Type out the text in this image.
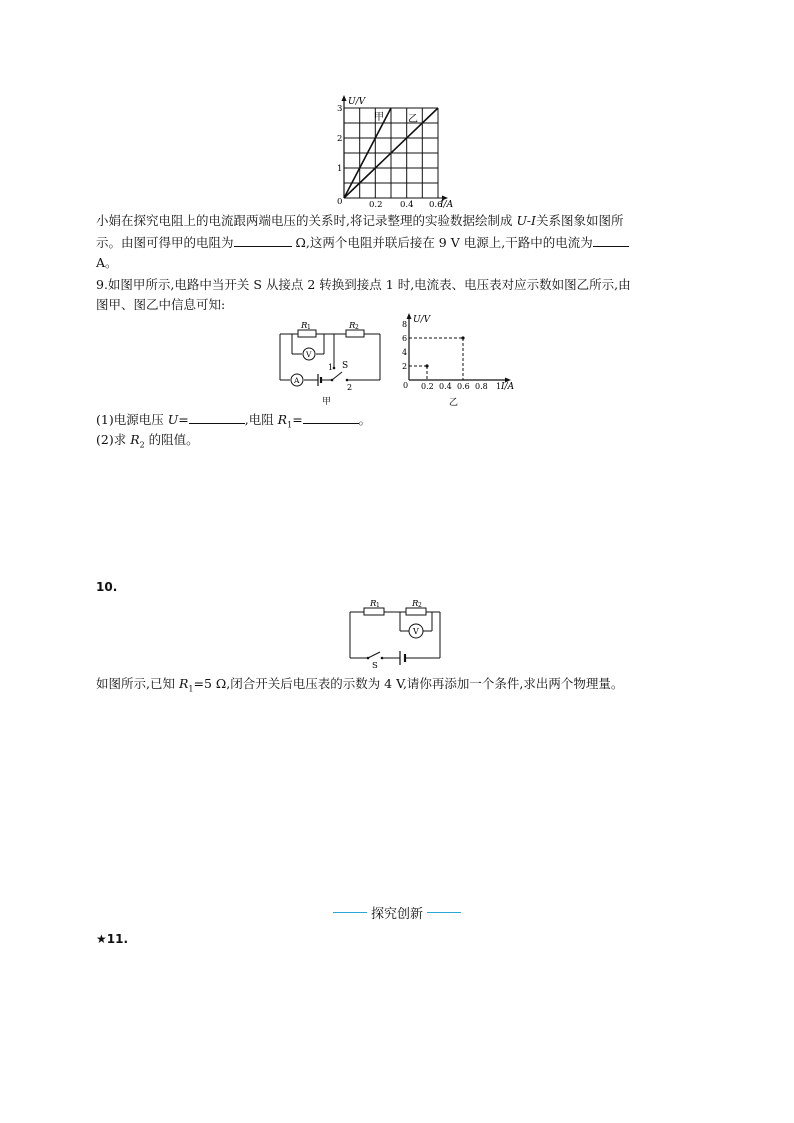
U/V
0
1
2
3
0.2 0.4 0.6
I/A
甲 乙
小娟在探究电阻上的电流跟两端电压的关系时,将记录整理的实验数据绘制成 U-I关系图象如图所
示。由图可得甲的电阻为	Ω,这两个电阻并联后接在 9 V 电源上,干路中的电流为
A。
9.如图甲所示,电路中当开关 S 从接点 2 转换到接点 1 时,电流表、电压表对应示数如图乙所示,由
图甲、图乙中信息可知:
R 1	R 2
V
A
S
1
2
甲
U/V
0
2
4
6
8
0.2 0.4 0.6 0.8 1 I/A
乙
(1)电源电压 U=	,电阻 $R_1=$	。
(2)求 $R_2$ 的阻值。
10.
R 1	R 2
V
S
如图所示,已知 $R_1=5$ Ω,闭合开关后电压表的示数为 4 V,请你再添加一个条件,求出两个物理量。
探究创新
★11.
